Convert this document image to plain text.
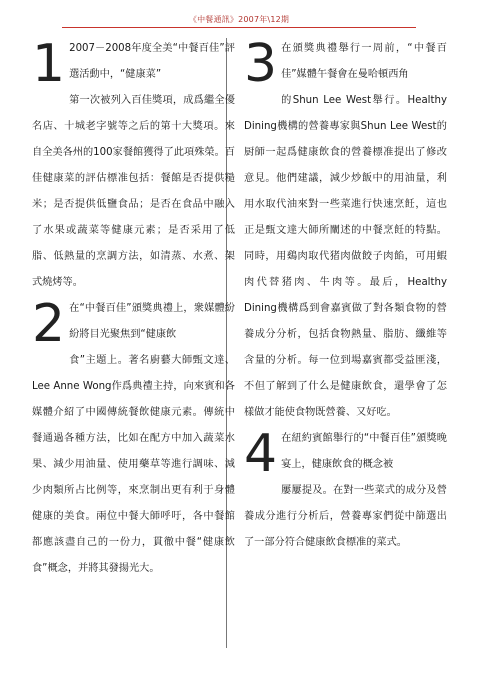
《中餐通訊》2007年\12期
1 2007－2008年度全美“中餐百佳”評選活動中，“健康菜”
第一次被列入百佳獎項，成爲繼全優名店、十城老字號等之后的第十大獎項。來自全美各州的100家餐館獲得了此項殊榮。百佳健康菜的評估標准包括：餐館是否提供糙米；是否提供低鹽食品；是否在食品中融入了水果或蔬菜等健康元素；是否采用了低脂、低熱量的烹調方法，如清蒸、水煮、架式燒烤等。
2 在“中餐百佳”頒獎典禮上，衆媒體紛紛將目光聚焦到“健康飲
食”主題上。著名廚藝大師甄文達、Lee Anne Wong作爲典禮主持，向來賓和各媒體介紹了中國傳統餐飲健康元素。傳統中餐通過各種方法，比如在配方中加入蔬菜水果、減少用油量、使用藥草等進行調味、減少肉類所占比例等，來烹制出更有利于身體健康的美食。兩位中餐大師呼吁，各中餐館都應該盡自己的一份力，貫徹中餐“健康飲食”概念，并將其發揚光大。
3 在頒獎典禮舉行一周前，“中餐百佳”媒體午餐會在曼哈頓西角
的Shun Lee West舉行。Healthy Dining機構的營養專家與Shun Lee West的厨師一起爲健康飲食的營養標准提出了修改意見。他們建議，減少炒飯中的用油量，利用水取代油來對一些菜進行快速烹飪，這也正是甄文達大師所闡述的中餐烹飪的特點。同時，用鷄肉取代猪肉做餃子肉餡，可用蝦肉代替猪肉、牛肉等。最后，Healthy Dining機構爲到會嘉賓做了對各類食物的營養成分分析，包括食物熱量、脂肪、纖維等含量的分析。每一位到場嘉賓都受益匪淺，不但了解到了什么是健康飲食，還學會了怎樣做才能使食物既營養、又好吃。
4 在紐約賓館舉行的“中餐百佳”頒獎晚宴上，健康飲食的概念被
屢屢提及。在對一些菜式的成分及營養成分進行分析后，營養專家們從中篩選出了一部分符合健康飲食標准的菜式。
